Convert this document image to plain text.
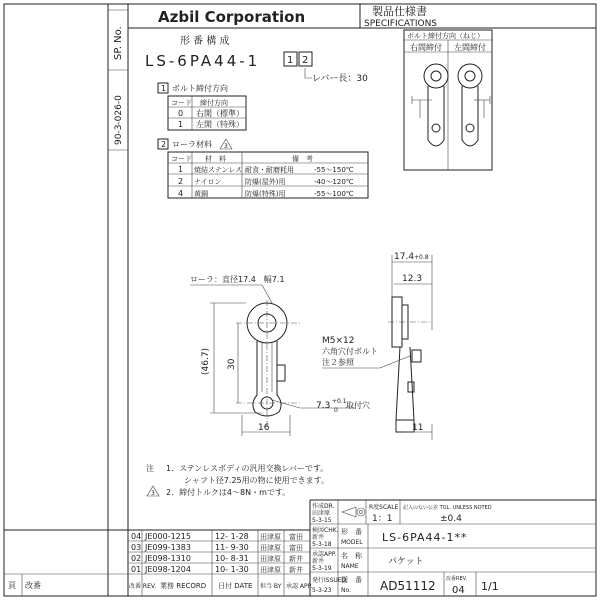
SP. No.
90-3-026-0
Azbil Corporation	製品仕様書
SPECIFICATIONS
形 番 構 成
LS-6PA44-1	1 2
レバー長：30
ボルト締付方向（ねじ）
右間締付 左間締付
1 ボルト締付方向
コード 締付方向
0 右開（標準）
1 左開（特殊）
2 ローラ材料 3
コード 材　料	備　考
1 焼結ステンレス 耐食・耐磨耗用	-55～150℃
2 ナイロン	防爆(屋外)用	-40～120℃
4 黄銅	防爆(特殊)用	-55～100℃
ローラ：直径17.4　幅7.1
(46.7) 30
16
7.3 +0.1
0
取付穴
17.4 +0.8
12.3
M5×12
六角穴付ボルト
注２参照
11
注 1．ステンレスボディの汎用交換レバーです。
シャフト径7.25用の物に使用できます。
3 2．締付トルクは4～8N・mです。
04 JE000-1215	12- 1-28 田津原 富田
03 JE099-1383	11- 9-30 田津原 富田
02 JE098-1310	10- 8-31 田津原 新井
01 JE098-1204	10- 1-30 田津原 新井
頁 改番	改番 REV. 業務 RECORD 日付 DATE 担当 BY 承認 APP.
作成DR.
田津原
5-3-15
R度SCALE
1：1
記入のない公差 TOL. UNLESS NOTED
±0.4
検図CHK.
新井
5-3-18
形　番
MODEL LS-6PA44-1**
承認APP.
新井
5-3-19
名　称
NAME	パケット
発行ISSUED
5-3-23
図　番
No. AD51112 改番REV.
04 1/1
